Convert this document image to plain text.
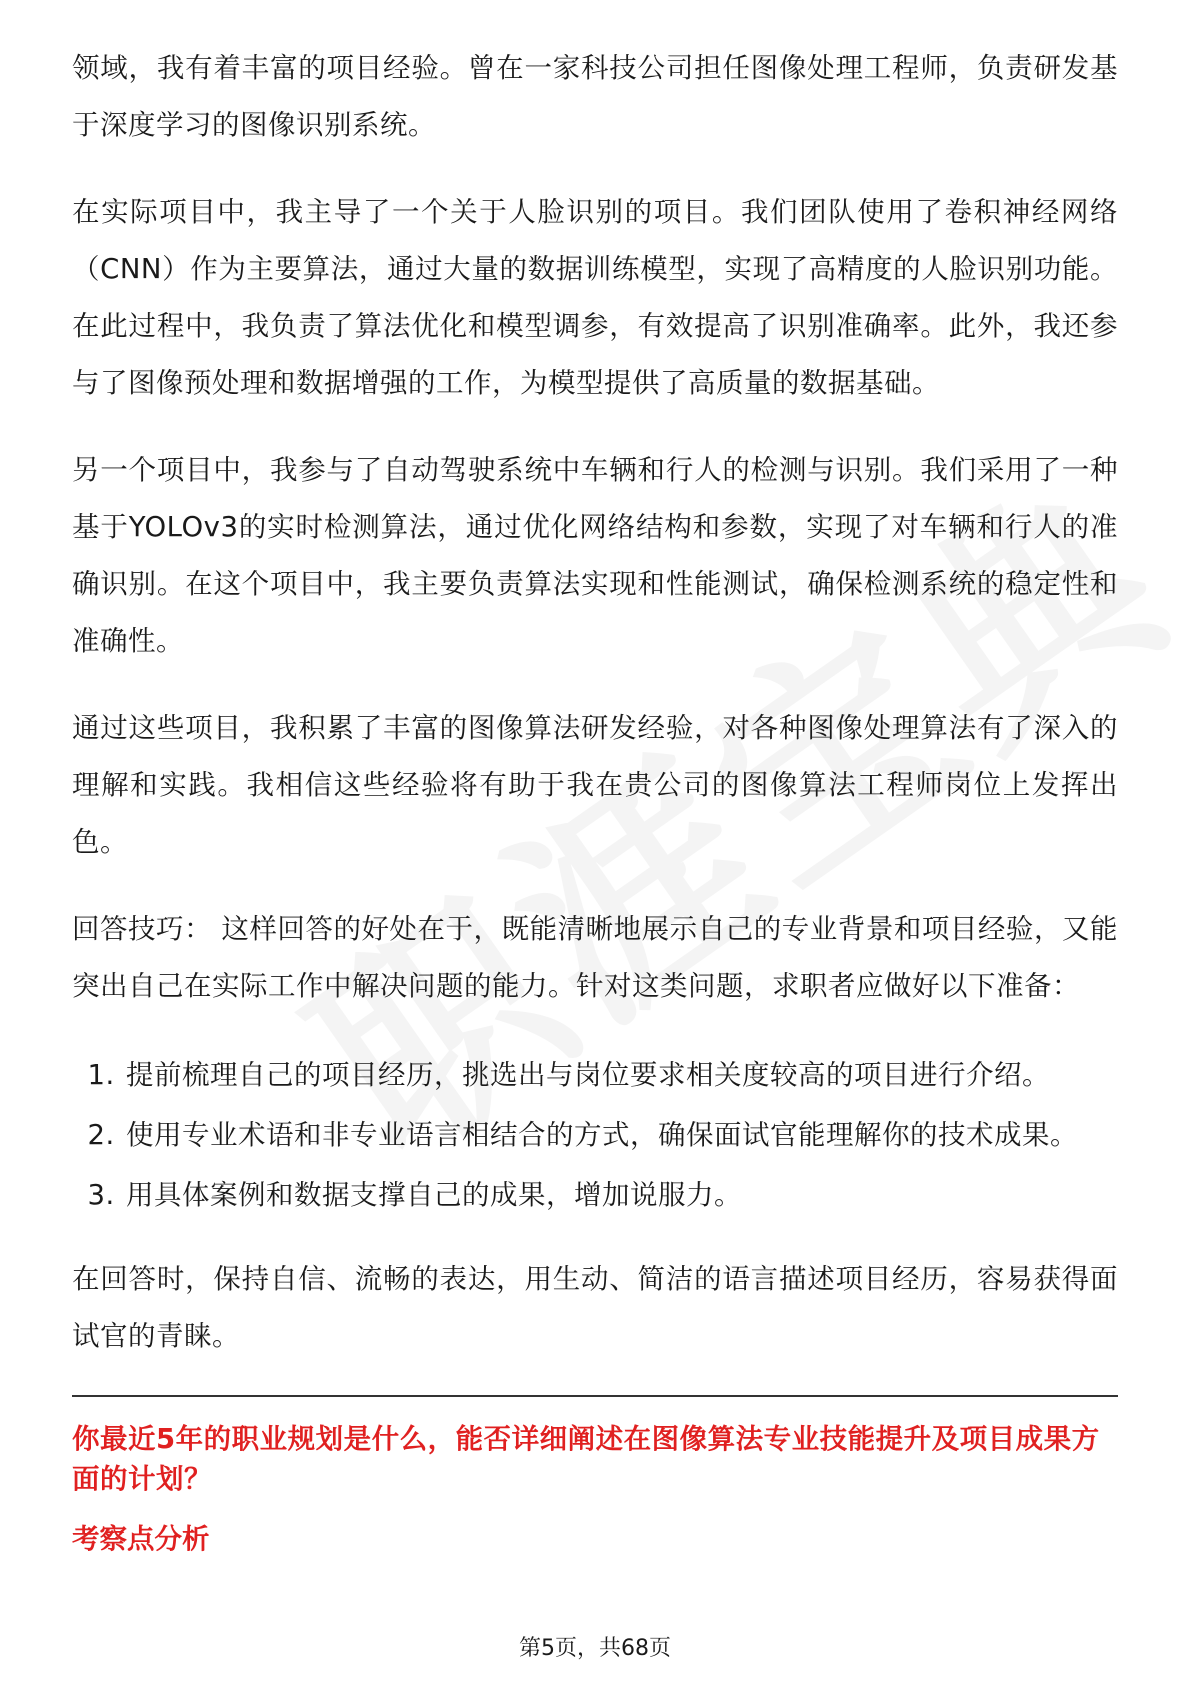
领域，我有着丰富的项目经验。曾在一家科技公司担任图像处理工程师，负责研发基于深度学习的图像识别系统。

在实际项目中，我主导了一个关于人脸识别的项目。我们团队使用了卷积神经网络（CNN）作为主要算法，通过大量的数据训练模型，实现了高精度的人脸识别功能。在此过程中，我负责了算法优化和模型调参，有效提高了识别准确率。此外，我还参与了图像预处理和数据增强的工作，为模型提供了高质量的数据基础。

另一个项目中，我参与了自动驾驶系统中车辆和行人的检测与识别。我们采用了一种基于YOLOv3的实时检测算法，通过优化网络结构和参数，实现了对车辆和行人的准确识别。在这个项目中，我主要负责算法实现和性能测试，确保检测系统的稳定性和准确性。

通过这些项目，我积累了丰富的图像算法研发经验，对各种图像处理算法有了深入的理解和实践。我相信这些经验将有助于我在贵公司的图像算法工程师岗位上发挥出色。

回答技巧： 这样回答的好处在于，既能清晰地展示自己的专业背景和项目经验，又能突出自己在实际工作中解决问题的能力。针对这类问题，求职者应做好以下准备：

1. 提前梳理自己的项目经历，挑选出与岗位要求相关度较高的项目进行介绍。
2. 使用专业术语和非专业语言相结合的方式，确保面试官能理解你的技术成果。
3. 用具体案例和数据支撑自己的成果，增加说服力。

在回答时，保持自信、流畅的表达，用生动、简洁的语言描述项目经历，容易获得面试官的青睐。

你最近5年的职业规划是什么，能否详细阐述在图像算法专业技能提升及项目成果方面的计划？
考察点分析
第5页，共68页
